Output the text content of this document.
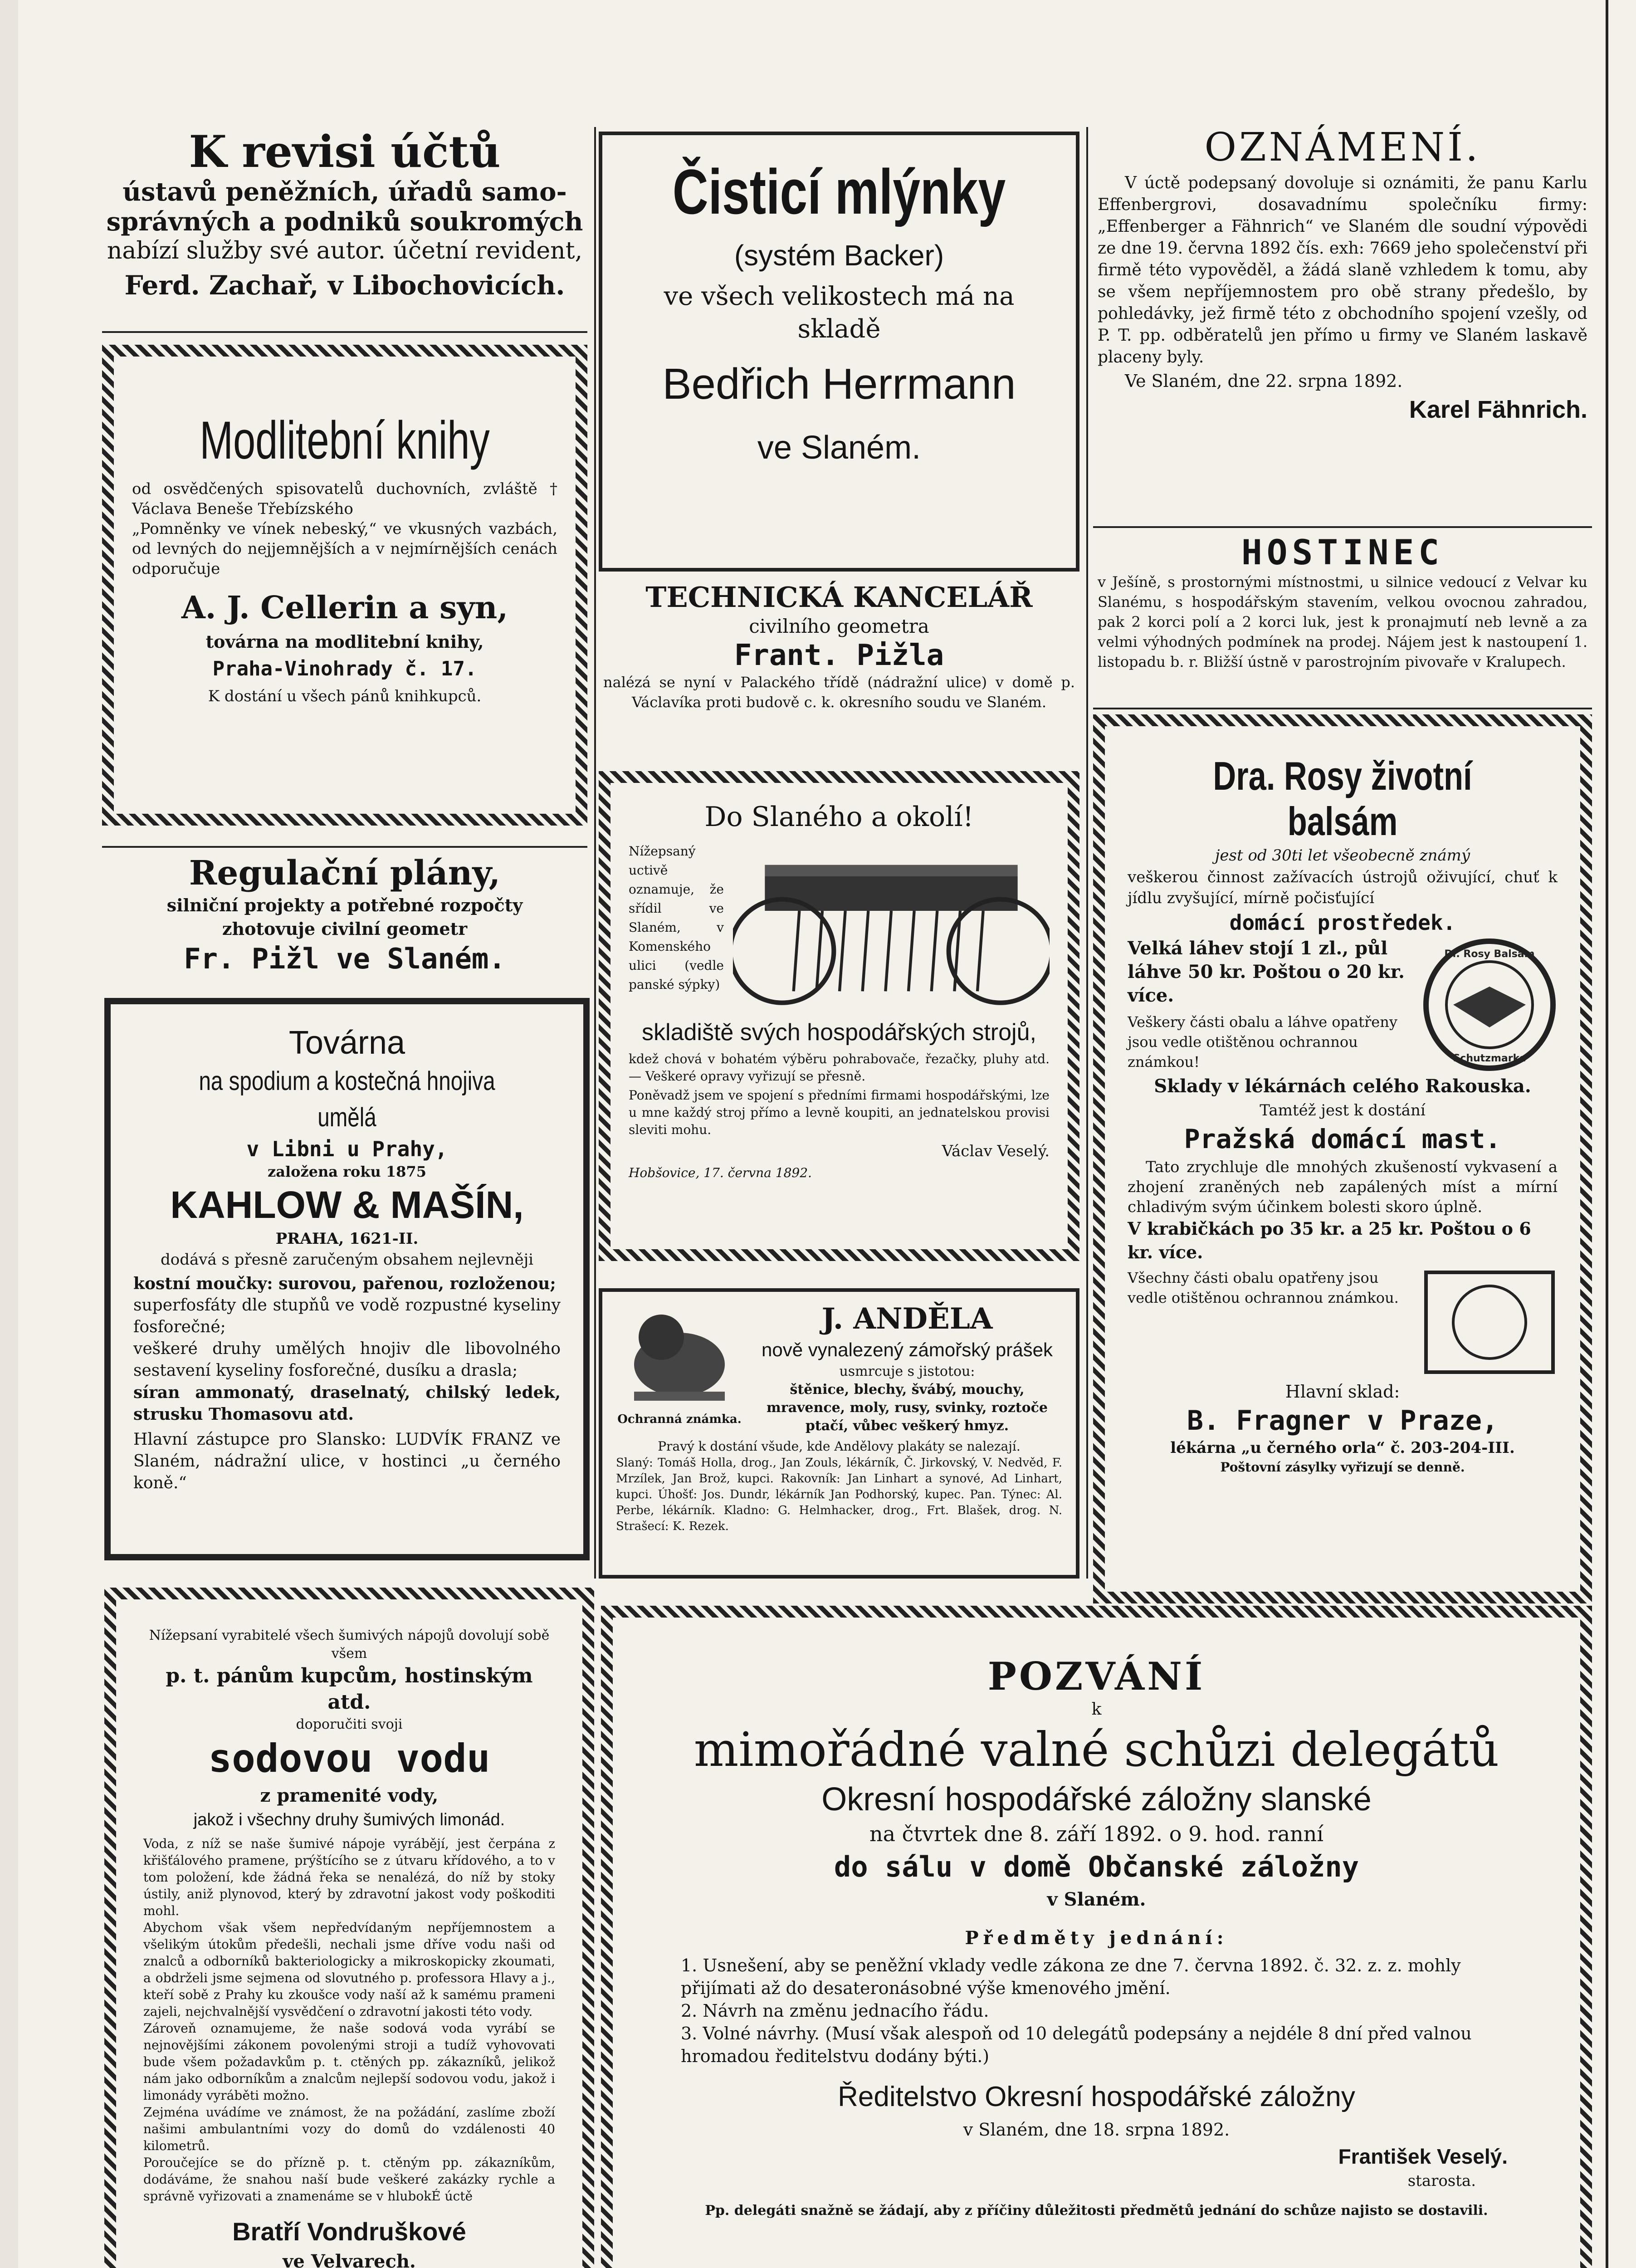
K revisi účtů
ústavů peněžních, úřadů samo-
správných a podniků soukromých
nabízí služby své autor. účetní revident,
Ferd. Zachař, v Libochovicích.
Modlitební knihy
od osvědčených spisovatelů duchovních, zvláště † Václava Beneše Třebízského
„Pomněnky ve vínek nebeský,“ ve vkusných vazbách, od levných do nejjemnějších a v nejmírnějších cenách odporučuje
A. J. Cellerin a syn,
továrna na modlitební knihy,
Praha-Vinohrady č. 17.
K dostání u všech pánů knihkupců.
Regulační plány,
silniční projekty a potřebné rozpočty
zhotovuje civilní geometr
Fr. Pižl ve Slaném.
Továrna
na spodium a kostečná hnojiva umělá
v Libni u Prahy,
založena roku 1875
KAHLOW & MAŠÍN,
PRAHA, 1621-II.
dodává s přesně zaručeným obsahem nejlevněji
kostní moučky: surovou, pařenou, rozloženou;
superfosfáty dle stupňů ve vodě rozpustné kyseliny fosforečné;
veškeré druhy umělých hnojiv dle libovolného sestavení kyseliny fosforečné, dusíku a drasla;
síran ammonatý, draselnatý, chilský ledek, strusku Thomasovu atd.
Hlavní zástupce pro Slansko: LUDVÍK FRANZ ve Slaném, nádražní ulice, v hostinci „u černého koně.“
Nížepsaní vyrabitelé všech šumivých nápojů dovolují sobě všem
p. t. pánům kupcům, hostinským atd.
doporučiti svoji
sodovou vodu
z pramenité vody,
jakož i všechny druhy šumivých limonád.
Voda, z níž se naše šumivé nápoje vyrábějí, jest čerpána z křišťálového pramene, prýštícího se z útvaru křídového, a to v tom položení, kde žádná řeka se nenalézá, do níž by stoky ústily, aniž plynovod, který by zdravotní jakost vody poškoditi mohl.
Abychom však všem nepředvídaným nepříjemnostem a všelikým útokům předešli, nechali jsme dříve vodu naši od znalců a odborníků bakteriologicky a mikroskopicky zkoumati, a obdrželi jsme sejmena od slovutného p. professora Hlavy a j., kteří sobě z Prahy ku zkoušce vody naší až k samému prameni zajeli, nejchvalnější vysvědčení o zdravotní jakosti této vody.
Zároveň oznamujeme, že naše sodová voda vyrábí se nejnovějšími zákonem povolenými stroji a tudíž vyhovovati bude všem požadavkům p. t. ctěných pp. zákazníků, jelikož nám jako odborníkům a znalcům nejlepší sodovou vodu, jakož i limonády vyráběti možno.
Zejména uvádíme ve známost, že na požádání, zaslíme zboží našimi ambulantními vozy do domů do vzdálenosti 40 kilometrů.
Poroučejíce se do přízně p. t. ctěným pp. zákazníkům, dodáváme, že snahou naší bude veškeré zakázky rychle a správně vyřizovati a znamenáme se v hlubokÉ úctě
Bratří Vondruškové
ve Velvarech.
Čisticí mlýnky
(systém Backer)
ve všech velikostech má na skladě
Bedřich Herrmann
ve Slaném.
TECHNICKÁ KANCELÁŘ
civilního geometra
Frant. Pižla
nalézá se nyní v Palackého třídě (nádražní ulice) v domě p. Václavíka proti budově c. k. okresního soudu ve Slaném.
Do Slaného a okolí!
Nížepsaný uctivě oznamuje, že sřídil ve Slaném, v Komenského ulici (vedle panské sýpky)
skladiště svých hospodářských strojů,
kdež chová v bohatém výběru pohrabovače, řezačky, pluhy atd. — Veškeré opravy vyřizují se přesně.
Poněvadž jsem ve spojení s předními firmami hospodářskými, lze u mne každý stroj přímo a levně koupiti, an jednatelskou provisi sleviti mohu.
Václav Veselý.
Hobšovice, 17. června 1892.
Ochranná známka.
J. ANDĚLA
nově vynalezený zámořský prášek
usmrcuje s jistotou:
štěnice, blechy, švábý, mouchy, mravence, moly, rusy, svinky, roztoče ptačí, vůbec veškerý hmyz.
Pravý k dostání všude, kde Andělovy plakáty se nalezají.
Slaný: Tomáš Holla, drog., Jan Zouls, lékárník, Č. Jirkovský, V. Nedvěd, F. Mrzílek, Jan Brož, kupci. Rakovník: Jan Linhart a synové, Ad Linhart, kupci. Úhošť: Jos. Dundr, lékárník Jan Podhorský, kupec. Pan. Týnec: Al. Perbe, lékárník. Kladno: G. Helmhacker, drog., Frt. Blašek, drog. N. Strašecí: K. Rezek.
OZNÁMENÍ.
V úctě podepsaný dovoluje si oznámiti, že panu Karlu Effenbergrovi, dosavadnímu společníku firmy: „Effenberger a Fähnrich“ ve Slaném dle soudní výpovědi ze dne 19. června 1892 čís. exh: 7669 jeho společenství při firmě této vypověděl, a žádá slaně vzhledem k tomu, aby se všem nepříjemnostem pro obě strany předešlo, by pohledávky, jež firmě této z obchodního spojení vzešly, od P. T. pp. odběratelů jen přímo u firmy ve Slaném laskavě placeny byly.
Ve Slaném, dne 22. srpna 1892.
Karel Fähnrich.
HOSTINEC
v Ješíně, s prostornými místnostmi, u silnice vedoucí z Velvar ku Slanému, s hospodářským stavením, velkou ovocnou zahradou, pak 2 korci polí a 2 korci luk, jest k pronajmutí neb levně a za velmi výhodných podmínek na prodej. Nájem jest k nastoupení 1. listopadu b. r. Bližší ústně v parostrojním pivovaře v Kralupech.
Dra. Rosy životní balsám
jest od 30ti let všeobecně známý
veškerou činnost zažívacích ústrojů oživující, chuť k jídlu zvyšující, mírně počisťující
domácí prostředek.
Velká láhev stojí 1 zl., půl láhve 50 kr. Poštou o 20 kr. více.
Veškery části obalu a láhve opatřeny jsou vedle otištěnou ochrannou známkou!
Dr. Rosy Balsam
Schutzmarke
Sklady v lékárnách celého Rakouska.
Tamtéž jest k dostání
Pražská domácí mast.
Tato zrychluje dle mnohých zkušeností vykvasení a zhojení zraněných neb zapálených míst a mírní chladivým svým účinkem bolesti skoro úplně.
V krabičkách po 35 kr. a 25 kr. Poštou o 6 kr. více.
Všechny části obalu opatřeny jsou vedle otištěnou ochrannou známkou.
Hlavní sklad:
B. Fragner v Praze,
lékárna „u černého orla“ č. 203-204-III.
Poštovní zásylky vyřizují se denně.
POZVÁNÍ
k
mimořádné valné schůzi delegátů
Okresní hospodářské záložny slanské
na čtvrtek dne 8. září 1892. o 9. hod. ranní
do sálu v domě Občanské záložny
v Slaném.
Předměty jednání:
1. Usnešení, aby se peněžní vklady vedle zákona ze dne 7. června 1892. č. 32. z. z. mohly přijímati až do desateronásobné výše kmenového jmění.
2. Návrh na změnu jednacího řádu.
3. Volné návrhy. (Musí však alespoň od 10 delegátů podepsány a nejdéle 8 dní před valnou hromadou ředitelstvu dodány býti.)
Ředitelstvo Okresní hospodářské záložny
v Slaném, dne 18. srpna 1892.
František Veselý.
starosta.
Pp. delegáti snažně se žádají, aby z příčiny důležitosti předmětů jednání do schůze najisto se dostavili.
